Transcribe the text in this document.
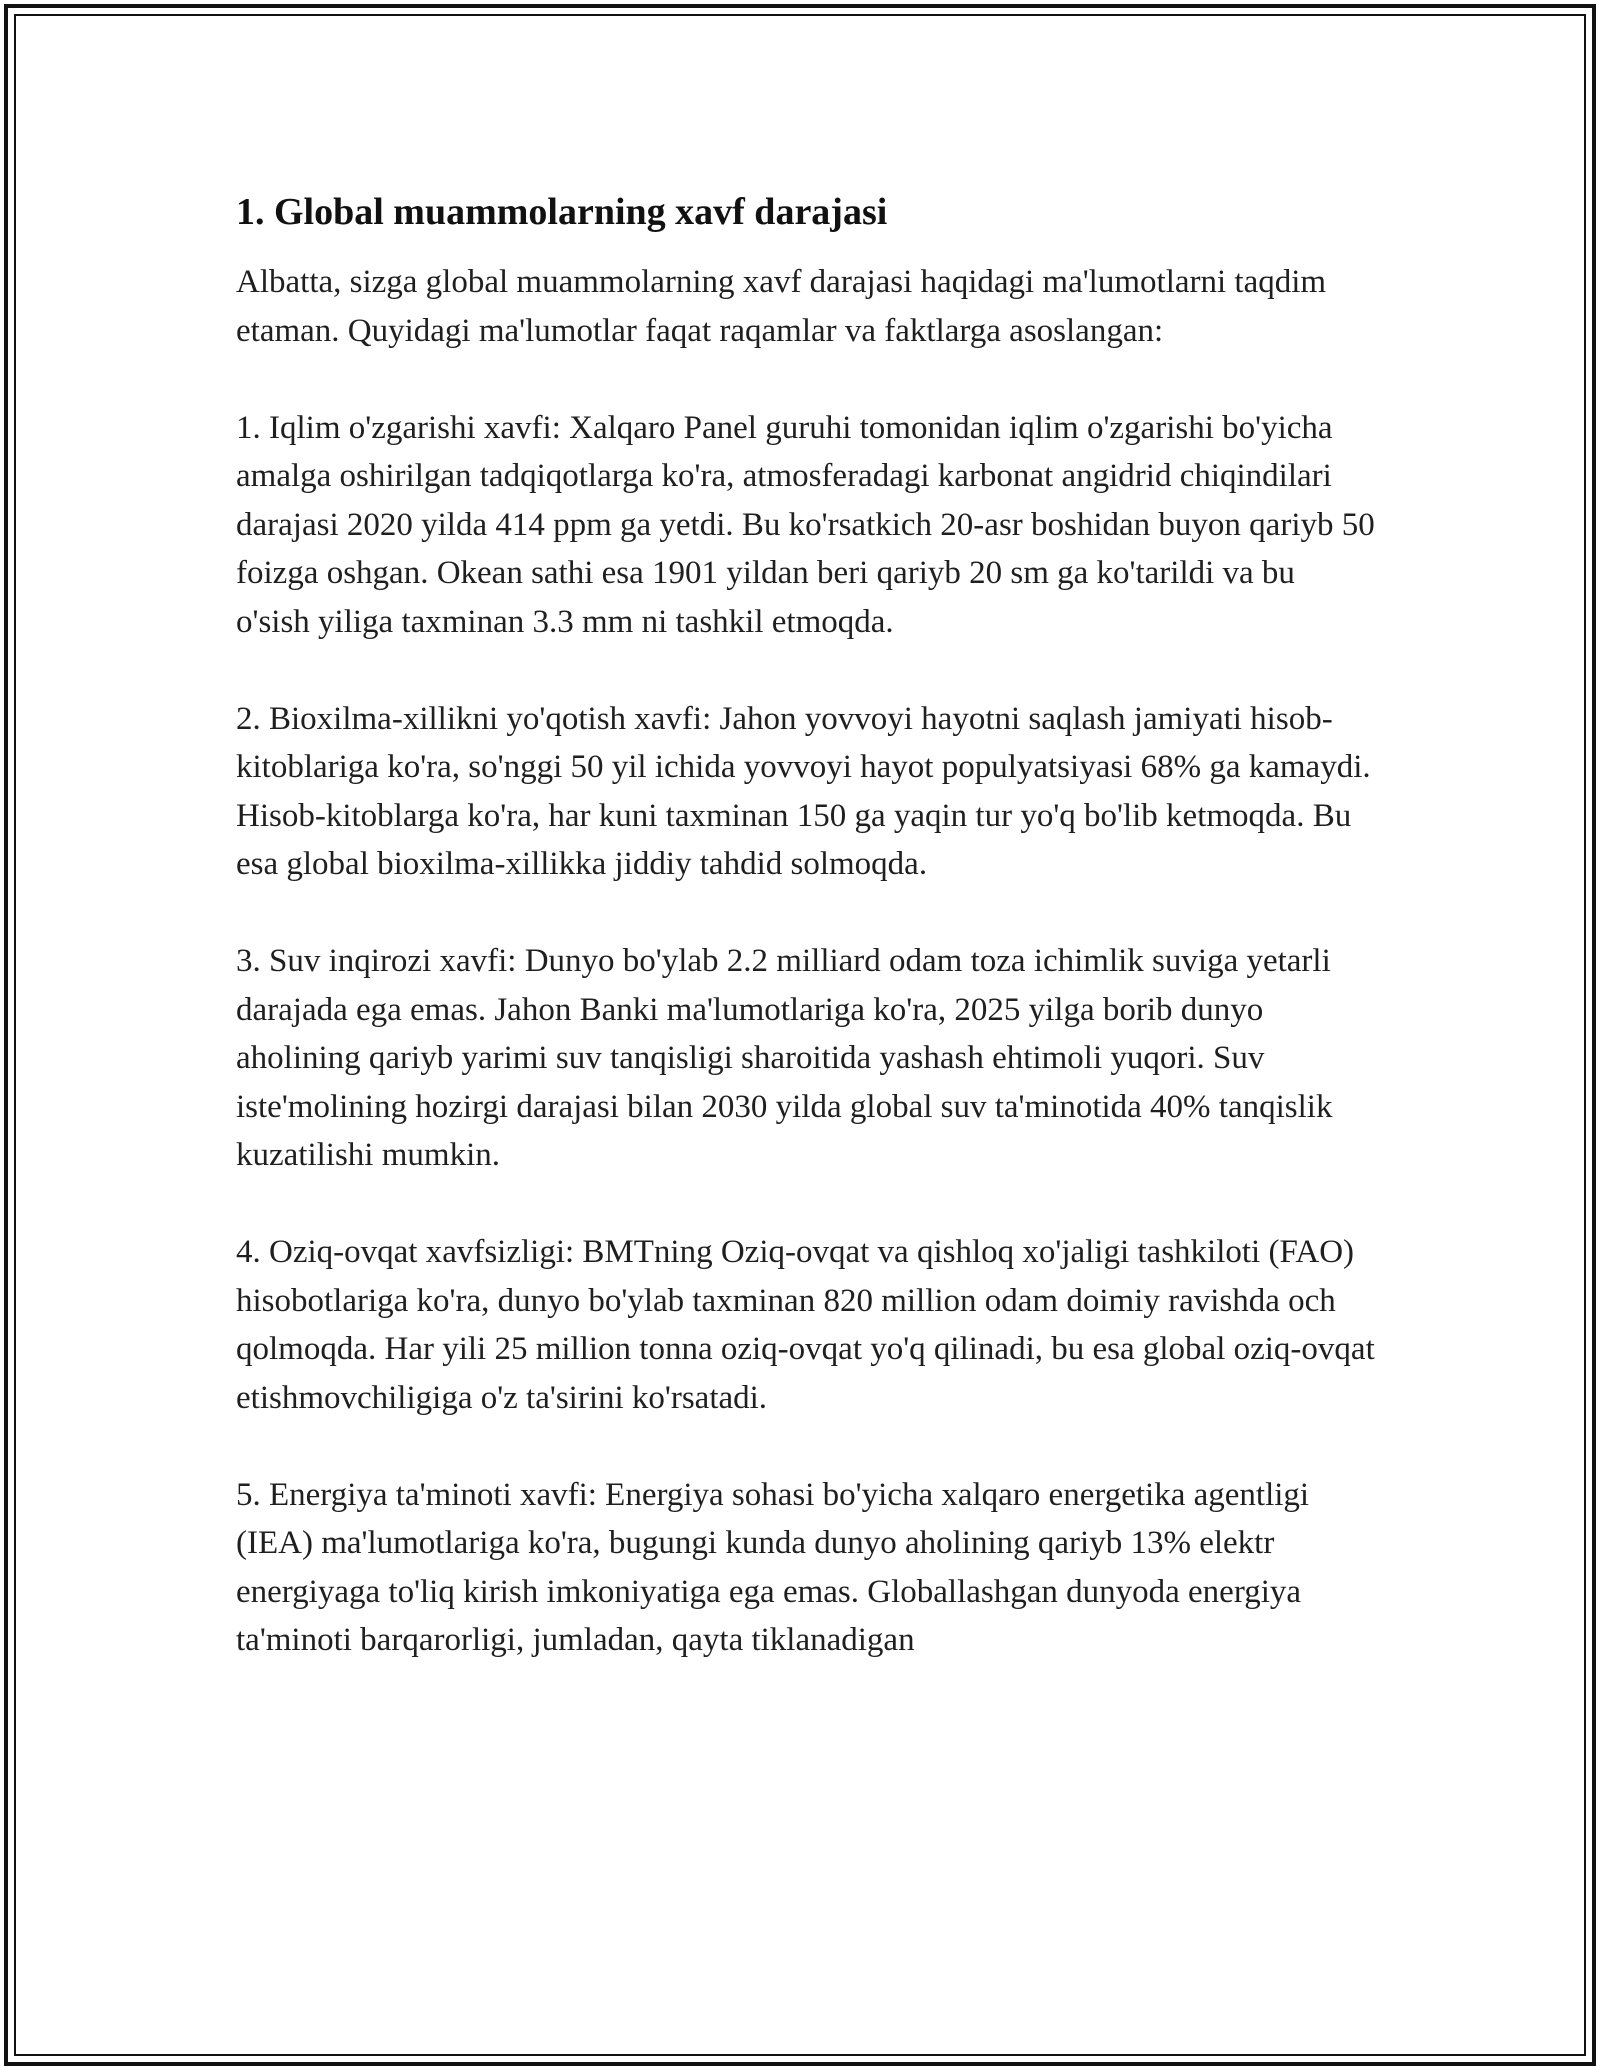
1. Global muammolarning xavf darajasi

Albatta, sizga global muammolarning xavf darajasi haqidagi ma'lumotlarni taqdim etaman. Quyidagi ma'lumotlar faqat raqamlar va faktlarga asoslangan:

1. Iqlim o'zgarishi xavfi: Xalqaro Panel guruhi tomonidan iqlim o'zgarishi bo'yicha amalga oshirilgan tadqiqotlarga ko'ra, atmosferadagi karbonat angidrid chiqindilari darajasi 2020 yilda 414 ppm ga yetdi. Bu ko'rsatkich 20-asr boshidan buyon qariyb 50 foizga oshgan. Okean sathi esa 1901 yildan beri qariyb 20 sm ga ko'tarildi va bu o'sish yiliga taxminan 3.3 mm ni tashkil etmoqda.

2. Bioxilma-xillikni yo'qotish xavfi: Jahon yovvoyi hayotni saqlash jamiyati hisob-kitoblariga ko'ra, so'nggi 50 yil ichida yovvoyi hayot populyatsiyasi 68% ga kamaydi. Hisob-kitoblarga ko'ra, har kuni taxminan 150 ga yaqin tur yo'q bo'lib ketmoqda. Bu esa global bioxilma-xillikka jiddiy tahdid solmoqda.

3. Suv inqirozi xavfi: Dunyo bo'ylab 2.2 milliard odam toza ichimlik suviga yetarli darajada ega emas. Jahon Banki ma'lumotlariga ko'ra, 2025 yilga borib dunyo aholining qariyb yarimi suv tanqisligi sharoitida yashash ehtimoli yuqori. Suv iste'molining hozirgi darajasi bilan 2030 yilda global suv ta'minotida 40% tanqislik kuzatilishi mumkin.

4. Oziq-ovqat xavfsizligi: BMTning Oziq-ovqat va qishloq xo'jaligi tashkiloti (FAO) hisobotlariga ko'ra, dunyo bo'ylab taxminan 820 million odam doimiy ravishda och qolmoqda. Har yili 25 million tonna oziq-ovqat yo'q qilinadi, bu esa global oziq-ovqat etishmovchiligiga o'z ta'sirini ko'rsatadi.

5. Energiya ta'minoti xavfi: Energiya sohasi bo'yicha xalqaro energetika agentligi (IEA) ma'lumotlariga ko'ra, bugungi kunda dunyo aholining qariyb 13% elektr energiyaga to'liq kirish imkoniyatiga ega emas. Globallashgan dunyoda energiya ta'minoti barqarorligi, jumladan, qayta tiklanadigan
